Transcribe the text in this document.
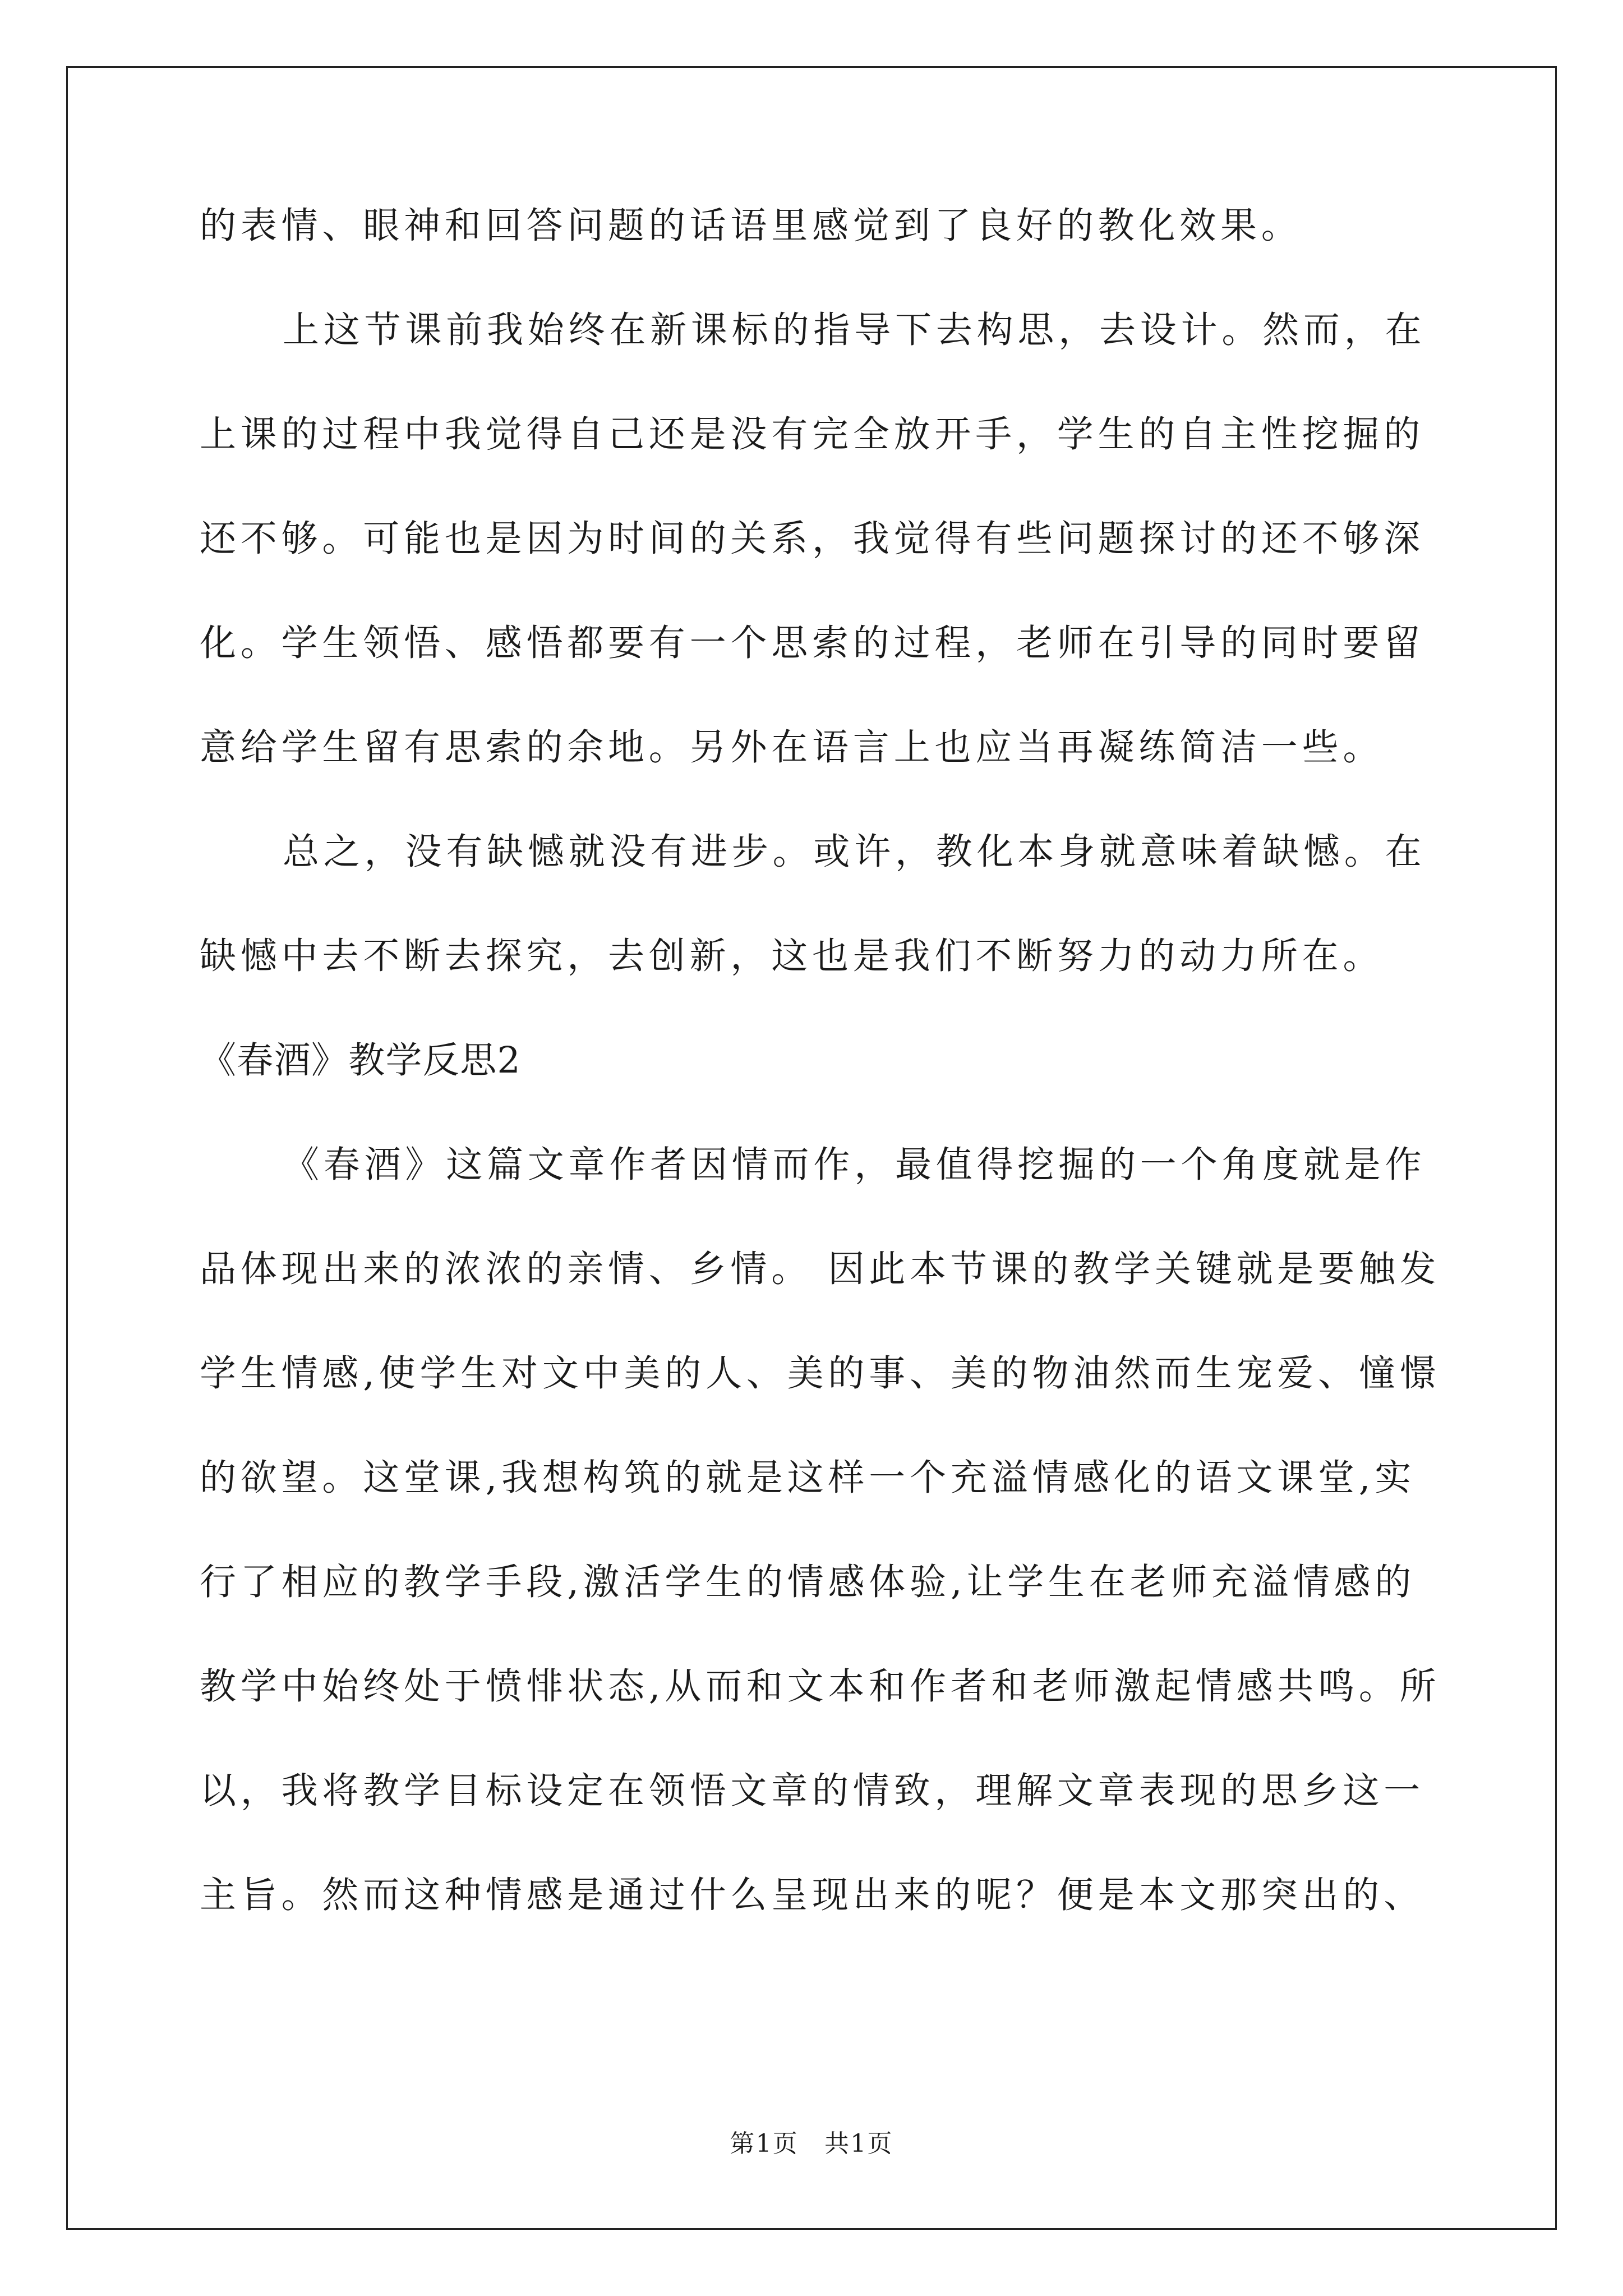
的表情、眼神和回答问题的话语里感觉到了良好的教化效果。
上这节课前我始终在新课标的指导下去构思，去设计。然而，在
上课的过程中我觉得自己还是没有完全放开手，学生的自主性挖掘的
还不够。可能也是因为时间的关系，我觉得有些问题探讨的还不够深
化。学生领悟、感悟都要有一个思索的过程，老师在引导的同时要留
意给学生留有思索的余地。另外在语言上也应当再凝练简洁一些。
总之，没有缺憾就没有进步。或许，教化本身就意味着缺憾。在
缺憾中去不断去探究，去创新，这也是我们不断努力的动力所在。
《春酒》教学反思2
《春酒》这篇文章作者因情而作，最值得挖掘的一个角度就是作
品体现出来的浓浓的亲情、乡情。 因此本节课的教学关键就是要触发
学生情感,使学生对文中美的人、美的事、美的物油然而生宠爱、憧憬
的欲望。这堂课,我想构筑的就是这样一个充溢情感化的语文课堂,实
行了相应的教学手段,激活学生的情感体验,让学生在老师充溢情感的
教学中始终处于愤悱状态,从而和文本和作者和老师激起情感共鸣。所
以，我将教学目标设定在领悟文章的情致，理解文章表现的思乡这一
主旨。然而这种情感是通过什么呈现出来的呢？便是本文那突出的、
第1页　共1页
